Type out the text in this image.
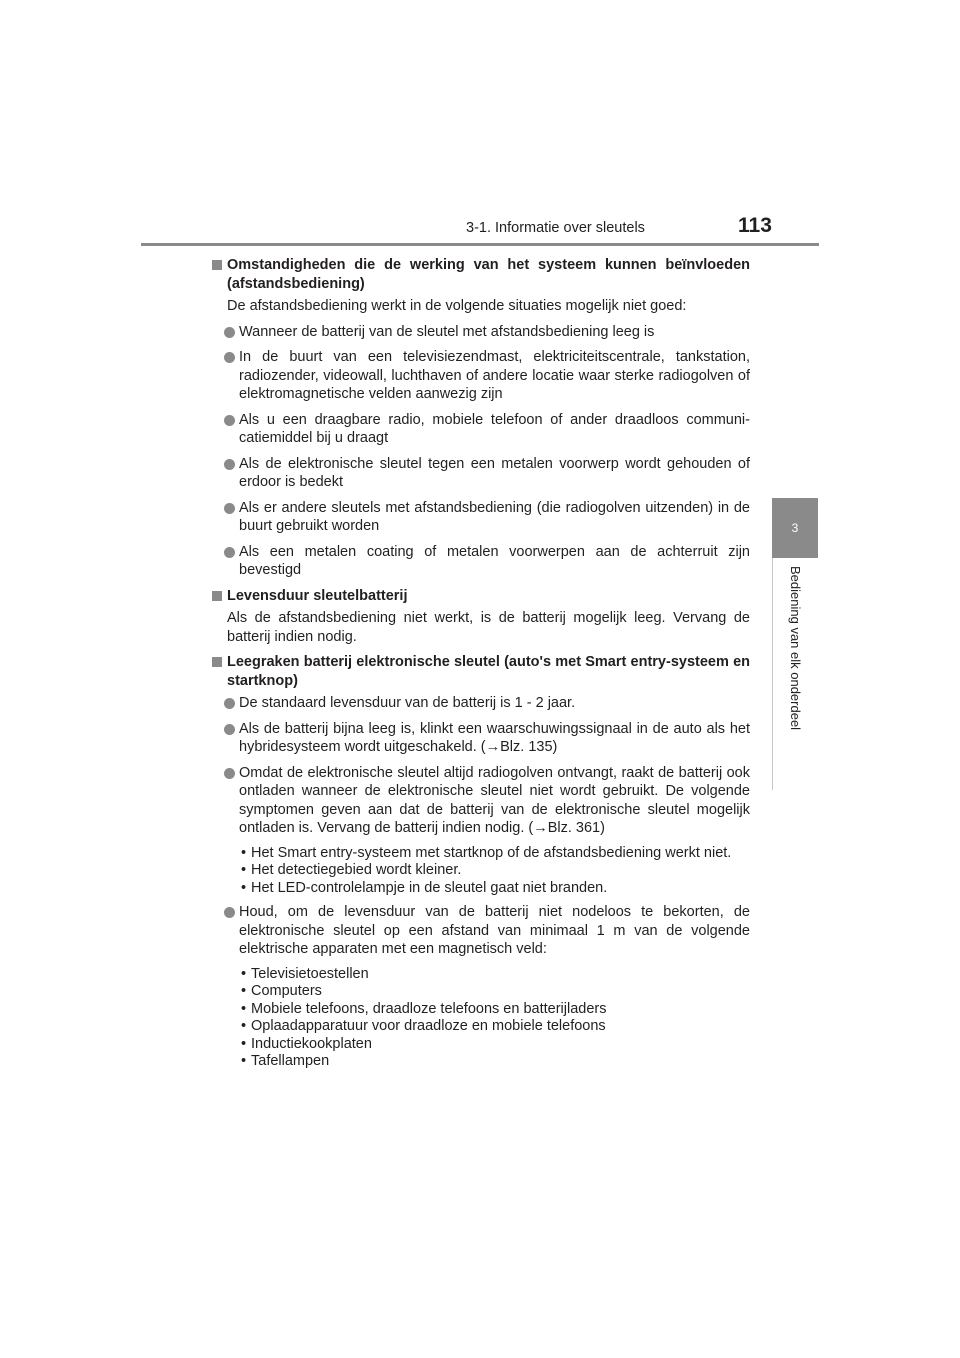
3-1. Informatie over sleutels	113
3
Bediening van elk onderdeel
Omstandigheden die de werking van het systeem kunnen beïnvloeden (afstandsbediening)
De afstandsbediening werkt in de volgende situaties mogelijk niet goed:
Wanneer de batterij van de sleutel met afstandsbediening leeg is
In de buurt van een televisiezendmast, elektriciteitscentrale, tankstation, radiozender, videowall, luchthaven of andere locatie waar sterke radiogolven of elektromagnetische velden aanwezig zijn
Als u een draagbare radio, mobiele telefoon of ander draadloos communicatiemiddel bij u draagt
Als de elektronische sleutel tegen een metalen voorwerp wordt gehouden of erdoor is bedekt
Als er andere sleutels met afstandsbediening (die radiogolven uitzenden) in de buurt gebruikt worden
Als een metalen coating of metalen voorwerpen aan de achterruit zijn bevestigd
Levensduur sleutelbatterij
Als de afstandsbediening niet werkt, is de batterij mogelijk leeg. Vervang de batterij indien nodig.
Leegraken batterij elektronische sleutel (auto's met Smart entry-systeem en startknop)
De standaard levensduur van de batterij is 1 - 2 jaar.
Als de batterij bijna leeg is, klinkt een waarschuwingssignaal in de auto als het hybridesysteem wordt uitgeschakeld. (→Blz. 135)
Omdat de elektronische sleutel altijd radiogolven ontvangt, raakt de batterij ook ontladen wanneer de elektronische sleutel niet wordt gebruikt. De volgende symptomen geven aan dat de batterij van de elektronische sleutel mogelijk ontladen is. Vervang de batterij indien nodig. (→Blz. 361)
• Het Smart entry-systeem met startknop of de afstandsbediening werkt niet.
• Het detectiegebied wordt kleiner.
• Het LED-controlelampje in de sleutel gaat niet branden.
Houd, om de levensduur van de batterij niet nodeloos te bekorten, de elektronische sleutel op een afstand van minimaal 1 m van de volgende elektrische apparaten met een magnetisch veld:
• Televisietoestellen
• Computers
• Mobiele telefoons, draadloze telefoons en batterijladers
• Oplaadapparatuur voor draadloze en mobiele telefoons
• Inductiekookplaten
• Tafellampen
